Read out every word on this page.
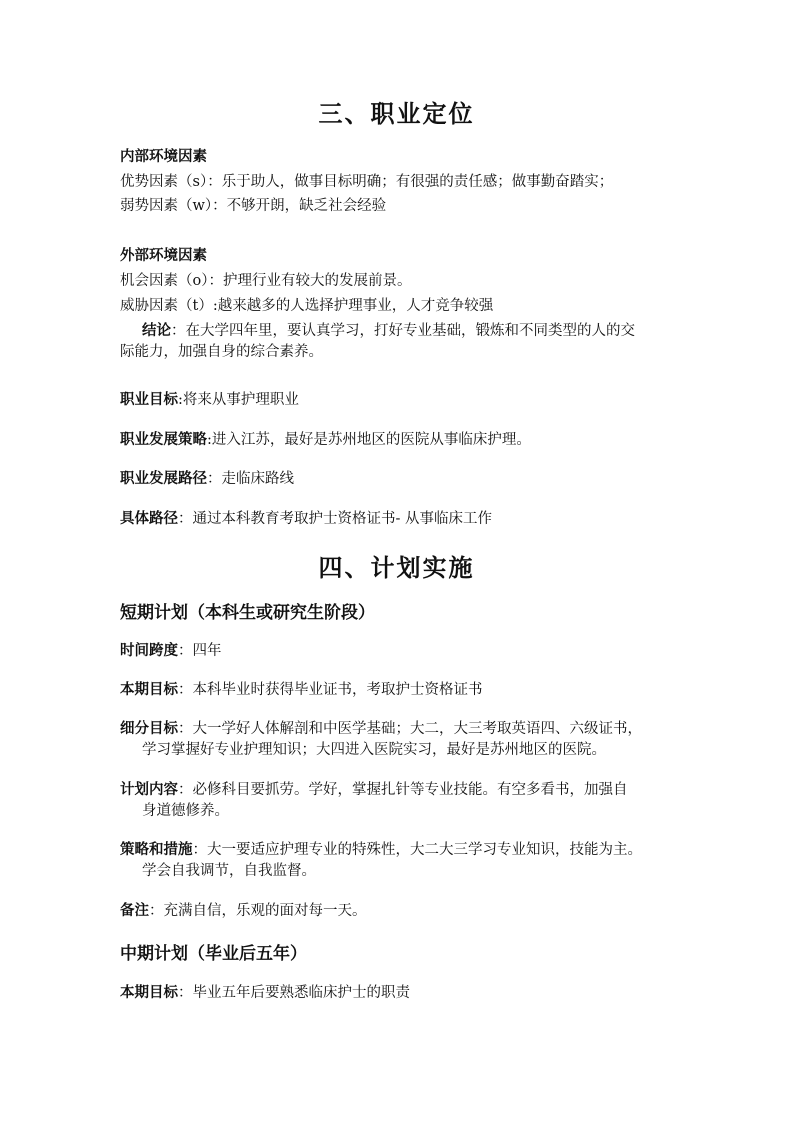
三、职业定位
内部环境因素
优势因素（s）：乐于助人，做事目标明确；有很强的责任感；做事勤奋踏实；
弱势因素（w）：不够开朗，缺乏社会经验
外部环境因素
机会因素（o）：护理行业有较大的发展前景。
威胁因素（t）:越来越多的人选择护理事业，人才竞争较强
结论：在大学四年里，要认真学习，打好专业基础，锻炼和不同类型的人的交
际能力，加强自身的综合素养。
职业目标:将来从事护理职业
职业发展策略:进入江苏，最好是苏州地区的医院从事临床护理。
职业发展路径：走临床路线
具体路径：通过本科教育考取护士资格证书- 从事临床工作
四、计划实施
短期计划（本科生或研究生阶段）
时间跨度：四年
本期目标：本科毕业时获得毕业证书，考取护士资格证书
细分目标：大一学好人体解剖和中医学基础；大二，大三考取英语四、六级证书，
学习掌握好专业护理知识；大四进入医院实习，最好是苏州地区的医院。
计划内容：必修科目要抓劳。学好，掌握扎针等专业技能。有空多看书，加强自
身道德修养。
策略和措施：大一要适应护理专业的特殊性，大二大三学习专业知识，技能为主。
学会自我调节，自我监督。
备注：充满自信，乐观的面对每一天。
中期计划（毕业后五年）
本期目标：毕业五年后要熟悉临床护士的职责
